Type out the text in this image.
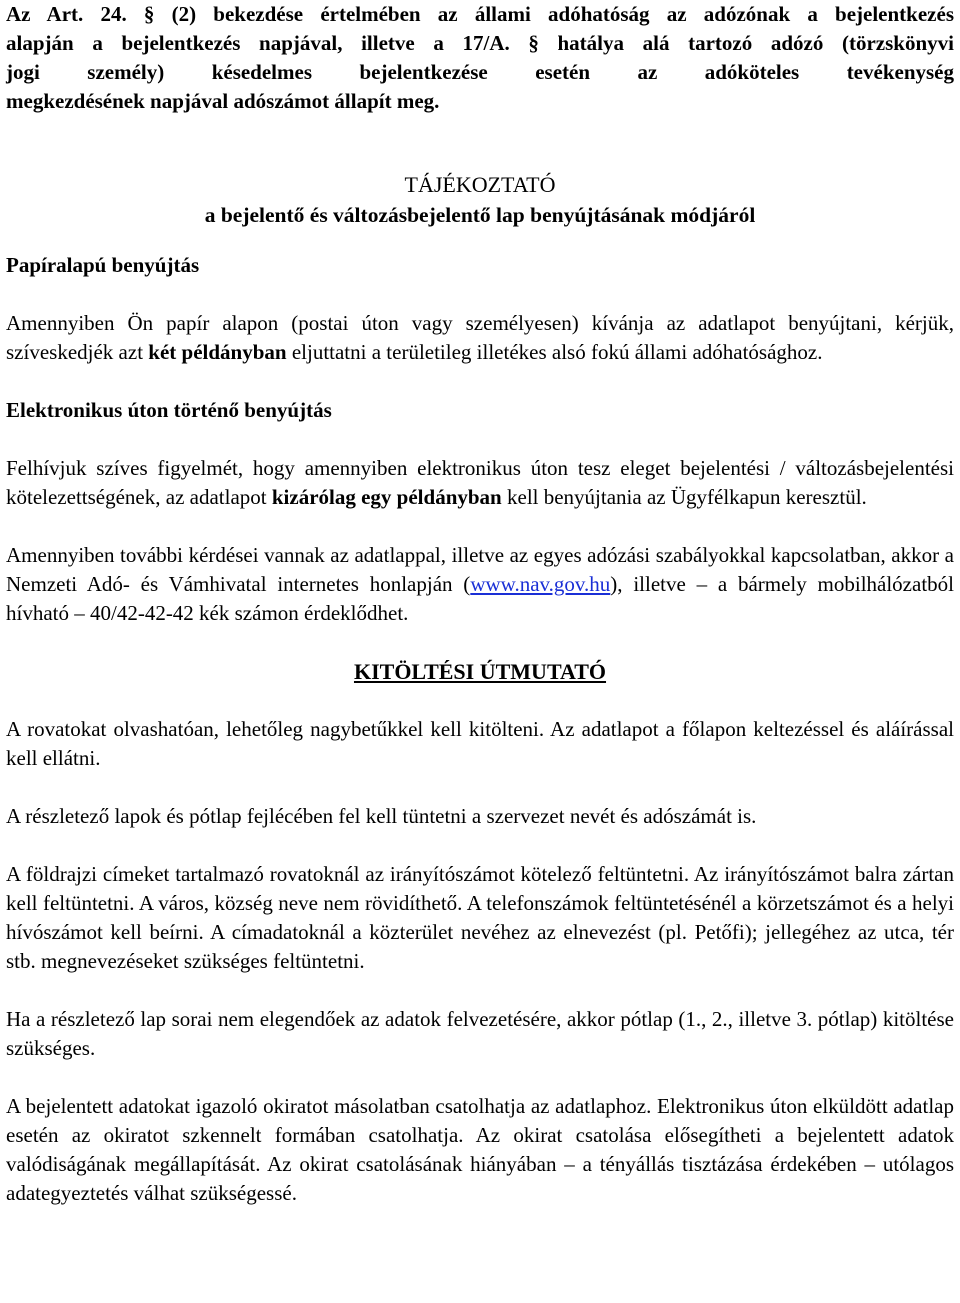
Az Art. 24. § (2) bekezdése értelmében az állami adóhatóság az adózónak a bejelentkezés

alapján a bejelentkezés napjával, illetve a 17/A. § hatálya alá tartozó adózó (törzskönyvi

jogi személy) késedelmes bejelentkezése esetén az adóköteles tevékenység

megkezdésének napjával adószámot állapít meg.

TÁJÉKOZTATÓ

a bejelentő és változásbejelentő lap benyújtásának módjáról

Papíralapú benyújtás

Amennyiben Ön papír alapon (postai úton vagy személyesen) kívánja az adatlapot benyújtani, kérjük, szíveskedjék azt két példányban eljuttatni a területileg illetékes alsó fokú állami adóhatósághoz.

Elektronikus úton történő benyújtás

Felhívjuk szíves figyelmét, hogy amennyiben elektronikus úton tesz eleget bejelentési / változásbejelentési kötelezettségének, az adatlapot kizárólag egy példányban kell benyújtania az Ügyfélkapun keresztül.

Amennyiben további kérdései vannak az adatlappal, illetve az egyes adózási szabályokkal kapcsolatban, akkor a Nemzeti Adó- és Vámhivatal internetes honlapján (www.nav.gov.hu), illetve – a bármely mobilhálózatból hívható – 40/42-42-42 kék számon érdeklődhet.

KITÖLTÉSI ÚTMUTATÓ

A rovatokat olvashatóan, lehetőleg nagybetűkkel kell kitölteni. Az adatlapot a főlapon keltezéssel és aláírással kell ellátni.

A részletező lapok és pótlap fejlécében fel kell tüntetni a szervezet nevét és adószámát is.

A földrajzi címeket tartalmazó rovatoknál az irányítószámot kötelező feltüntetni. Az irányítószámot balra zártan kell feltüntetni. A város, község neve nem rövidíthető. A telefonszámok feltüntetésénél a körzetszámot és a helyi hívószámot kell beírni. A címadatoknál a közterület nevéhez az elnevezést (pl. Petőfi); jellegéhez az utca, tér stb. megnevezéseket szükséges feltüntetni.

Ha a részletező lap sorai nem elegendőek az adatok felvezetésére, akkor pótlap (1., 2., illetve 3. pótlap) kitöltése szükséges.

A bejelentett adatokat igazoló okiratot másolatban csatolhatja az adatlaphoz. Elektronikus úton elküldött adatlap esetén az okiratot szkennelt formában csatolhatja. Az okirat csatolása elősegítheti a bejelentett adatok valódiságának megállapítását. Az okirat csatolásának hiányában – a tényállás tisztázása érdekében – utólagos adategyeztetés válhat szükségessé.
